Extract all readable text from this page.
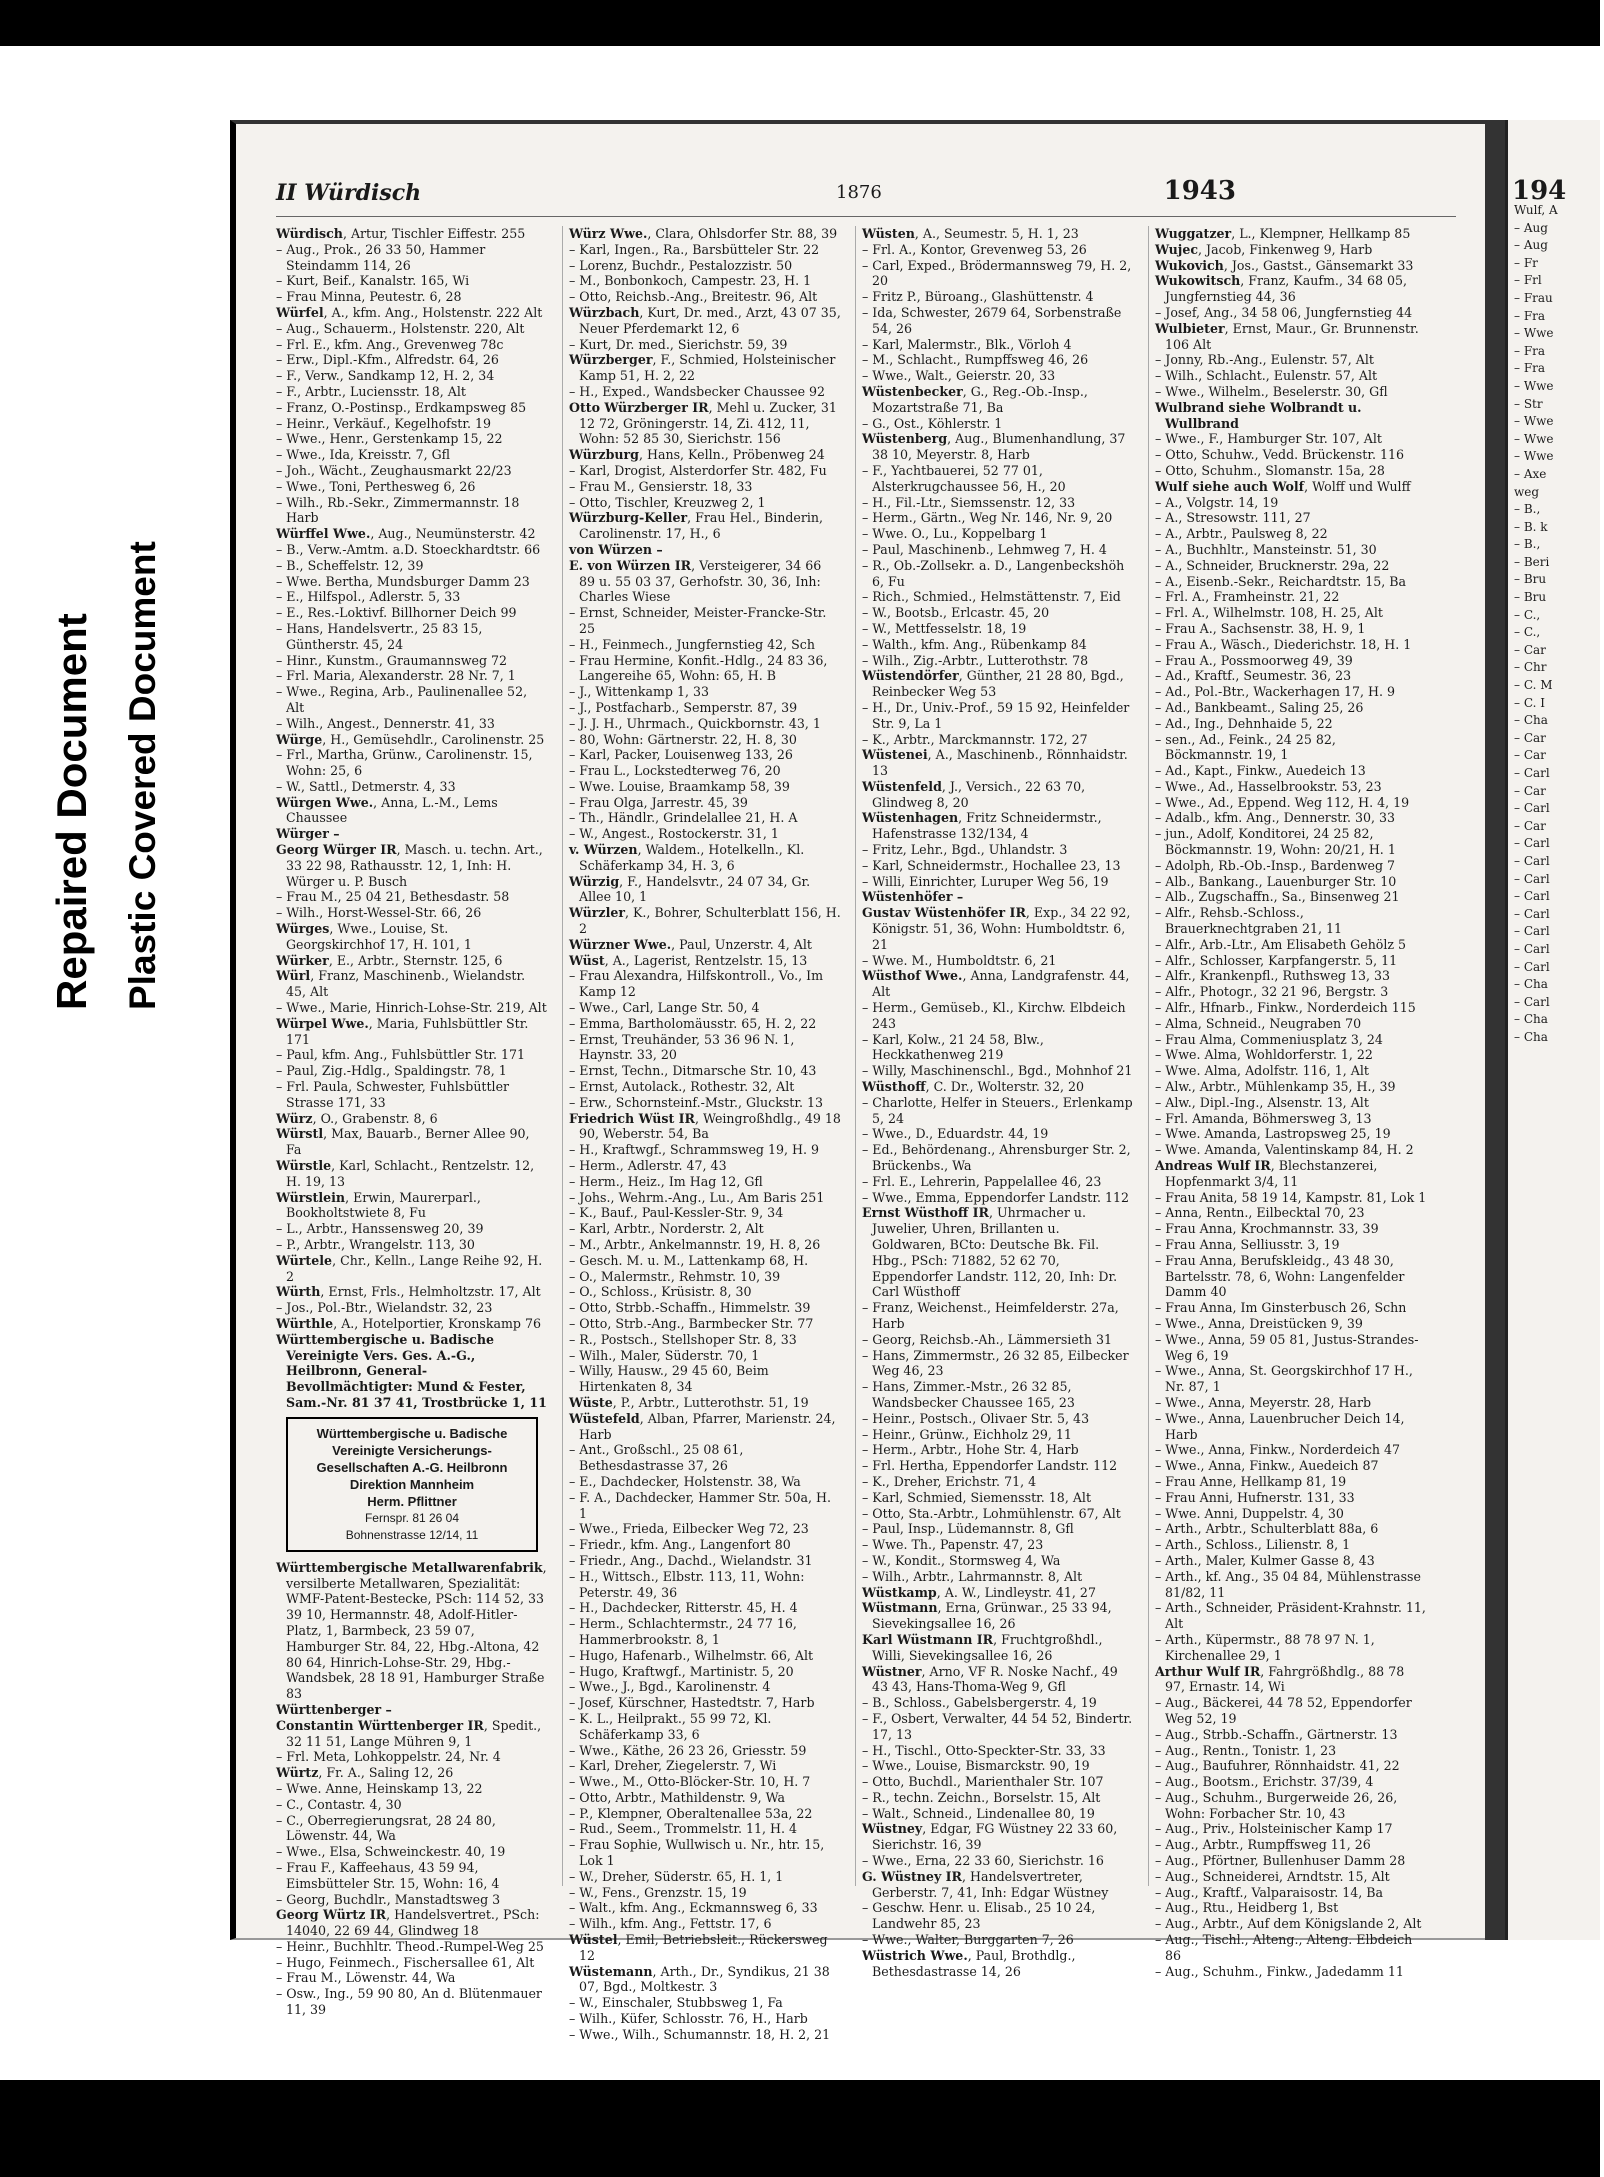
Repaired Document Plastic Covered Document
II Würdisch	1876	1943

Würdisch, Artur, Tischler Eiffestr. 255

– Aug., Prok., 26 33 50, Hammer Steindamm 114, 26

– Kurt, Beif., Kanalstr. 165, Wi

– Frau Minna, Peutestr. 6, 28

Würfel, A., kfm. Ang., Holstenstr. 222 Alt

– Aug., Schauerm., Holstenstr. 220, Alt

– Frl. E., kfm. Ang., Grevenweg 78c

– Erw., Dipl.-Kfm., Alfredstr. 64, 26

– F., Verw., Sandkamp 12, H. 2, 34

– F., Arbtr., Luciensstr. 18, Alt

– Franz, O.-Postinsp., Erdkampsweg 85

– Heinr., Verkäuf., Kegelhofstr. 19

– Wwe., Henr., Gerstenkamp 15, 22

– Wwe., Ida, Kreisstr. 7, Gfl

– Joh., Wächt., Zeughausmarkt 22/23

– Wwe., Toni, Perthesweg 6, 26

– Wilh., Rb.-Sekr., Zimmermannstr. 18 Harb

Würffel Wwe., Aug., Neumünsterstr. 42

– B., Verw.-Amtm. a.D. Stoeckhardtstr. 66

– B., Scheffelstr. 12, 39

– Wwe. Bertha, Mundsburger Damm 23

– E., Hilfspol., Adlerstr. 5, 33

– E., Res.-Loktivf. Billhorner Deich 99

– Hans, Handelsvertr., 25 83 15, Güntherstr. 45, 24

– Hinr., Kunstm., Graumannsweg 72

– Frl. Maria, Alexanderstr. 28 Nr. 7, 1

– Wwe., Regina, Arb., Paulinenallee 52, Alt

– Wilh., Angest., Dennerstr. 41, 33

Würge, H., Gemüsehdlr., Carolinenstr. 25

– Frl., Martha, Grünw., Carolinenstr. 15, Wohn: 25, 6

– W., Sattl., Detmerstr. 4, 33

Würgen Wwe., Anna, L.-M., Lems Chaussee

Würger –

Georg Würger IR, Masch. u. techn. Art., 33 22 98, Rathausstr. 12, 1, Inh: H. Würger u. P. Busch

– Frau M., 25 04 21, Bethesdastr. 58

– Wilh., Horst-Wessel-Str. 66, 26

Würges, Wwe., Louise, St. Georgskirchhof 17, H. 101, 1

Würker, E., Arbtr., Sternstr. 125, 6

Würl, Franz, Maschinenb., Wielandstr. 45, Alt

– Wwe., Marie, Hinrich-Lohse-Str. 219, Alt

Würpel Wwe., Maria, Fuhlsbüttler Str. 171

– Paul, kfm. Ang., Fuhlsbüttler Str. 171

– Paul, Zig.-Hdlg., Spaldingstr. 78, 1

– Frl. Paula, Schwester, Fuhlsbüttler Strasse 171, 33

Würz, O., Grabenstr. 8, 6

Würstl, Max, Bauarb., Berner Allee 90, Fa

Würstle, Karl, Schlacht., Rentzelstr. 12, H. 19, 13

Würstlein, Erwin, Maurerparl., Bookholtstwiete 8, Fu

– L., Arbtr., Hanssensweg 20, 39

– P., Arbtr., Wrangelstr. 113, 30

Würtele, Chr., Kelln., Lange Reihe 92, H. 2

Würth, Ernst, Frls., Helmholtzstr. 17, Alt

– Jos., Pol.-Btr., Wielandstr. 32, 23

Würthle, A., Hotelportier, Kronskamp 76

Württembergische u. Badische Vereinigte Vers. Ges. A.-G., Heilbronn, General-Bevollmächtigter: Mund & Fester, Sam.-Nr. 81 37 41, Trostbrücke 1, 11

Württembergische u. Badische
Vereinigte Versicherungs-
Gesellschaften A.-G. Heilbronn
Direktion Mannheim
Herm. Pflittner
Fernspr. 81 26 04
Bohnenstrasse 12/14, 11

Württembergische Metallwarenfabrik, versilberte Metallwaren, Spezialität: WMF-Patent-Bestecke, PSch: 114 52, 33 39 10, Hermannstr. 48, Adolf-Hitler-Platz, 1, Barmbeck, 23 59 07, Hamburger Str. 84, 22, Hbg.-Altona, 42 80 64, Hinrich-Lohse-Str. 29, Hbg.-Wandsbek, 28 18 91, Hamburger Straße 83

Württenberger –

Constantin Württenberger IR, Spedit., 32 11 51, Lange Mühren 9, 1

– Frl. Meta, Lohkoppelstr. 24, Nr. 4

Würtz, Fr. A., Saling 12, 26

– Wwe. Anne, Heinskamp 13, 22

– C., Contastr. 4, 30

– C., Oberregierungsrat, 28 24 80, Löwenstr. 44, Wa

– Wwe., Elsa, Schweinckestr. 40, 19

– Frau F., Kaffeehaus, 43 59 94, Eimsbütteler Str. 15, Wohn: 16, 4

– Georg, Buchdlr., Manstadtsweg 3

Georg Würtz IR, Handelsvertret., PSch: 14040, 22 69 44, Glindweg 18

– Heinr., Buchhltr. Theod.-Rumpel-Weg 25

– Hugo, Feinmech., Fischersallee 61, Alt

– Frau M., Löwenstr. 44, Wa

– Osw., Ing., 59 90 80, An d. Blütenmauer 11, 39

Würz Wwe., Clara, Ohlsdorfer Str. 88, 39

– Karl, Ingen., Ra., Barsbütteler Str. 22

– Lorenz, Buchdr., Pestalozzistr. 50

– M., Bonbonkoch, Campestr. 23, H. 1

– Otto, Reichsb.-Ang., Breitestr. 96, Alt

Würzbach, Kurt, Dr. med., Arzt, 43 07 35, Neuer Pferdemarkt 12, 6

– Kurt, Dr. med., Sierichstr. 59, 39

Würzberger, F., Schmied, Holsteinischer Kamp 51, H. 2, 22

– H., Exped., Wandsbecker Chaussee 92

Otto Würzberger IR, Mehl u. Zucker, 31 12 72, Gröningerstr. 14, Zi. 412, 11, Wohn: 52 85 30, Sierichstr. 156

Würzburg, Hans, Kelln., Pröbenweg 24

– Karl, Drogist, Alsterdorfer Str. 482, Fu

– Frau M., Gensierstr. 18, 33

– Otto, Tischler, Kreuzweg 2, 1

Würzburg-Keller, Frau Hel., Binderin, Carolinenstr. 17, H., 6

von Würzen –

E. von Würzen IR, Versteigerer, 34 66 89 u. 55 03 37, Gerhofstr. 30, 36, Inh: Charles Wiese

– Ernst, Schneider, Meister-Francke-Str. 25

– H., Feinmech., Jungfernstieg 42, Sch

– Frau Hermine, Konfit.-Hdlg., 24 83 36, Langereihe 65, Wohn: 65, H. B

– J., Wittenkamp 1, 33

– J., Postfacharb., Semperstr. 87, 39

– J. J. H., Uhrmach., Quickbornstr. 43, 1

– 80, Wohn: Gärtnerstr. 22, H. 8, 30

– Karl, Packer, Louisenweg 133, 26

– Frau L., Lockstedterweg 76, 20

– Wwe. Louise, Braamkamp 58, 39

– Frau Olga, Jarrestr. 45, 39

– Th., Händlr., Grindelallee 21, H. A

– W., Angest., Rostockerstr. 31, 1

v. Würzen, Waldem., Hotelkelln., Kl. Schäferkamp 34, H. 3, 6

Würzig, F., Handelsvtr., 24 07 34, Gr. Allee 10, 1

Würzler, K., Bohrer, Schulterblatt 156, H. 2

Würzner Wwe., Paul, Unzerstr. 4, Alt

Wüst, A., Lagerist, Rentzelstr. 15, 13

– Frau Alexandra, Hilfskontroll., Vo., Im Kamp 12

– Wwe., Carl, Lange Str. 50, 4

– Emma, Bartholomäusstr. 65, H. 2, 22

– Ernst, Treuhänder, 53 36 96 N. 1, Haynstr. 33, 20

– Ernst, Techn., Ditmarsche Str. 10, 43

– Ernst, Autolack., Rothestr. 32, Alt

– Erw., Schornsteinf.-Mstr., Gluckstr. 13

Friedrich Wüst IR, Weingroßhdlg., 49 18 90, Weberstr. 54, Ba

– H., Kraftwgf., Schrammsweg 19, H. 9

– Herm., Adlerstr. 47, 43

– Herm., Heiz., Im Hag 12, Gfl

– Johs., Wehrm.-Ang., Lu., Am Baris 251

– K., Bauf., Paul-Kessler-Str. 9, 34

– Karl, Arbtr., Norderstr. 2, Alt

– M., Arbtr., Ankelmannstr. 19, H. 8, 26

– Gesch. M. u. M., Lattenkamp 68, H.

– O., Malermstr., Rehmstr. 10, 39

– O., Schloss., Krüsistr. 8, 30

– Otto, Strbb.-Schaffn., Himmelstr. 39

– Otto, Strb.-Ang., Barmbecker Str. 77

– R., Postsch., Stellshoper Str. 8, 33

– Wilh., Maler, Süderstr. 70, 1

– Willy, Hausw., 29 45 60, Beim Hirtenkaten 8, 34

Wüste, P., Arbtr., Lutterothstr. 51, 19

Wüstefeld, Alban, Pfarrer, Marienstr. 24, Harb

– Ant., Großschl., 25 08 61, Bethesdastrasse 37, 26

– E., Dachdecker, Holstenstr. 38, Wa

– F. A., Dachdecker, Hammer Str. 50a, H. 1

– Wwe., Frieda, Eilbecker Weg 72, 23

– Friedr., kfm. Ang., Langenfort 80

– Friedr., Ang., Dachd., Wielandstr. 31

– H., Wittsch., Elbstr. 113, 11, Wohn: Peterstr. 49, 36

– H., Dachdecker, Ritterstr. 45, H. 4

– Herm., Schlachtermstr., 24 77 16, Hammerbrookstr. 8, 1

– Hugo, Hafenarb., Wilhelmstr. 66, Alt

– Hugo, Kraftwgf., Martinistr. 5, 20

– Wwe., J., Bgd., Karolinenstr. 4

– Josef, Kürschner, Hastedtstr. 7, Harb

– K. L., Heilprakt., 55 99 72, Kl. Schäferkamp 33, 6

– Wwe., Käthe, 26 23 26, Griesstr. 59

– Karl, Dreher, Ziegelerstr. 7, Wi

– Wwe., M., Otto-Blöcker-Str. 10, H. 7

– Otto, Arbtr., Mathildenstr. 9, Wa

– P., Klempner, Oberaltenallee 53a, 22

– Rud., Seem., Trommelstr. 11, H. 4

– Frau Sophie, Wullwisch u. Nr., htr. 15, Lok 1

– W., Dreher, Süderstr. 65, H. 1, 1

– W., Fens., Grenzstr. 15, 19

– Walt., kfm. Ang., Eckmannsweg 6, 33

– Wilh., kfm. Ang., Fettstr. 17, 6

Wüstel, Emil, Betriebsleit., Rückersweg 12

Wüstemann, Arth., Dr., Syndikus, 21 38 07, Bgd., Moltkestr. 3

– W., Einschaler, Stubbsweg 1, Fa

– Wilh., Küfer, Schlosstr. 76, H., Harb

– Wwe., Wilh., Schumannstr. 18, H. 2, 21

Wüsten, A., Seumestr. 5, H. 1, 23

– Frl. A., Kontor, Grevenweg 53, 26

– Carl, Exped., Brödermannsweg 79, H. 2, 20

– Fritz P., Büroang., Glashüttenstr. 4

– Ida, Schwester, 2679 64, Sorbenstraße 54, 26

– Karl, Malermstr., Blk., Vörloh 4

– M., Schlacht., Rumpffsweg 46, 26

– Wwe., Walt., Geierstr. 20, 33

Wüstenbecker, G., Reg.-Ob.-Insp., Mozartstraße 71, Ba

– G., Ost., Köhlerstr. 1

Wüstenberg, Aug., Blumenhandlung, 37 38 10, Meyerstr. 8, Harb

– F., Yachtbauerei, 52 77 01, Alsterkrugchaussee 56, H., 20

– H., Fil.-Ltr., Siemssenstr. 12, 33

– Herm., Gärtn., Weg Nr. 146, Nr. 9, 20

– Wwe. O., Lu., Koppelbarg 1

– Paul, Maschinenb., Lehmweg 7, H. 4

– R., Ob.-Zollsekr. a. D., Langenbeckshöh 6, Fu

– Rich., Schmied., Helmstättenstr. 7, Eid

– W., Bootsb., Erlcastr. 45, 20

– W., Mettfesselstr. 18, 19

– Walth., kfm. Ang., Rübenkamp 84

– Wilh., Zig.-Arbtr., Lutterothstr. 78

Wüstendörfer, Günther, 21 28 80, Bgd., Reinbecker Weg 53

– H., Dr., Univ.-Prof., 59 15 92, Heinfelder Str. 9, La 1

– K., Arbtr., Marckmannstr. 172, 27

Wüstenei, A., Maschinenb., Rönnhaidstr. 13

Wüstenfeld, J., Versich., 22 63 70, Glindweg 8, 20

Wüstenhagen, Fritz Schneidermstr., Hafenstrasse 132/134, 4

– Fritz, Lehr., Bgd., Uhlandstr. 3

– Karl, Schneidermstr., Hochallee 23, 13

– Willi, Einrichter, Luruper Weg 56, 19

Wüstenhöfer –

Gustav Wüstenhöfer IR, Exp., 34 22 92, Königstr. 51, 36, Wohn: Humboldtstr. 6, 21

– Wwe. M., Humboldtstr. 6, 21

Wüsthof Wwe., Anna, Landgrafenstr. 44, Alt

– Herm., Gemüseb., Kl., Kirchw. Elbdeich 243

– Karl, Kolw., 21 24 58, Blw., Heckkathenweg 219

– Willy, Maschinenschl., Bgd., Mohnhof 21

Wüsthoff, C. Dr., Wolterstr. 32, 20

– Charlotte, Helfer in Steuers., Erlenkamp 5, 24

– Wwe., D., Eduardstr. 44, 19

– Ed., Behördenang., Ahrensburger Str. 2, Brückenbs., Wa

– Frl. E., Lehrerin, Pappelallee 46, 23

– Wwe., Emma, Eppendorfer Landstr. 112

Ernst Wüsthoff IR, Uhrmacher u. Juwelier, Uhren, Brillanten u. Goldwaren, BCto: Deutsche Bk. Fil. Hbg., PSch: 71882, 52 62 70, Eppendorfer Landstr. 112, 20, Inh: Dr. Carl Wüsthoff

– Franz, Weichenst., Heimfelderstr. 27a, Harb

– Georg, Reichsb.-Ah., Lämmersieth 31

– Hans, Zimmermstr., 26 32 85, Eilbecker Weg 46, 23

– Hans, Zimmer.-Mstr., 26 32 85, Wandsbecker Chaussee 165, 23

– Heinr., Postsch., Olivaer Str. 5, 43

– Heinr., Grünw., Eichholz 29, 11

– Herm., Arbtr., Hohe Str. 4, Harb

– Frl. Hertha, Eppendorfer Landstr. 112

– K., Dreher, Erichstr. 71, 4

– Karl, Schmied, Siemensstr. 18, Alt

– Otto, Sta.-Arbtr., Lohmühlenstr. 67, Alt

– Paul, Insp., Lüdemannstr. 8, Gfl

– Wwe. Th., Papenstr. 47, 23

– W., Kondit., Stormsweg 4, Wa

– Wilh., Arbtr., Lahrmannstr. 8, Alt

Wüstkamp, A. W., Lindleystr. 41, 27

Wüstmann, Erna, Grünwar., 25 33 94, Sievekingsallee 16, 26

Karl Wüstmann IR, Fruchtgroßhdl., Willi, Sievekingsallee 16, 26

Wüstner, Arno, VF R. Noske Nachf., 49 43 43, Hans-Thoma-Weg 9, Gfl

– B., Schloss., Gabelsbergerstr. 4, 19

– F., Osbert, Verwalter, 44 54 52, Bindertr. 17, 13

– H., Tischl., Otto-Speckter-Str. 33, 33

– Wwe., Louise, Bismarckstr. 90, 19

– Otto, Buchdl., Marienthaler Str. 107

– R., techn. Zeichn., Borselstr. 15, Alt

– Walt., Schneid., Lindenallee 80, 19

Wüstney, Edgar, FG Wüstney 22 33 60, Sierichstr. 16, 39

– Wwe., Erna, 22 33 60, Sierichstr. 16

G. Wüstney IR, Handelsvertreter, Gerberstr. 7, 41, Inh: Edgar Wüstney

– Geschw. Henr. u. Elisab., 25 10 24, Landwehr 85, 23

– Wwe., Walter, Burggarten 7, 26

Wüstrich Wwe., Paul, Brothdlg., Bethesdastrasse 14, 26

Wuggatzer, L., Klempner, Hellkamp 85

Wujec, Jacob, Finkenweg 9, Harb

Wukovich, Jos., Gastst., Gänsemarkt 33

Wukowitsch, Franz, Kaufm., 34 68 05, Jungfernstieg 44, 36

– Josef, Ang., 34 58 06, Jungfernstieg 44

Wulbieter, Ernst, Maur., Gr. Brunnenstr. 106 Alt

– Jonny, Rb.-Ang., Eulenstr. 57, Alt

– Wilh., Schlacht., Eulenstr. 57, Alt

– Wwe., Wilhelm., Beselerstr. 30, Gfl

Wulbrand siehe Wolbrandt u. Wullbrand

– Wwe., F., Hamburger Str. 107, Alt

– Otto, Schuhw., Vedd. Brückenstr. 116

– Otto, Schuhm., Slomanstr. 15a, 28

Wulf siehe auch Wolf, Wolff und Wulff

– A., Volgstr. 14, 19

– A., Stresowstr. 111, 27

– A., Arbtr., Paulsweg 8, 22

– A., Buchhltr., Mansteinstr. 51, 30

– A., Schneider, Brucknerstr. 29a, 22

– A., Eisenb.-Sekr., Reichardtstr. 15, Ba

– Frl. A., Framheinstr. 21, 22

– Frl. A., Wilhelmstr. 108, H. 25, Alt

– Frau A., Sachsenstr. 38, H. 9, 1

– Frau A., Wäsch., Diederichstr. 18, H. 1

– Frau A., Possmoorweg 49, 39

– Ad., Kraftf., Seumestr. 36, 23

– Ad., Pol.-Btr., Wackerhagen 17, H. 9

– Ad., Bankbeamt., Saling 25, 26

– Ad., Ing., Dehnhaide 5, 22

– sen., Ad., Feink., 24 25 82, Böckmannstr. 19, 1

– Ad., Kapt., Finkw., Auedeich 13

– Wwe., Ad., Hasselbrookstr. 53, 23

– Wwe., Ad., Eppend. Weg 112, H. 4, 19

– Adalb., kfm. Ang., Dennerstr. 30, 33

– jun., Adolf, Konditorei, 24 25 82, Böckmannstr. 19, Wohn: 20/21, H. 1

– Adolph, Rb.-Ob.-Insp., Bardenweg 7

– Alb., Bankang., Lauenburger Str. 10

– Alb., Zugschaffn., Sa., Binsenweg 21

– Alfr., Rehsb.-Schloss., Brauerknechtgraben 21, 11

– Alfr., Arb.-Ltr., Am Elisabeth Gehölz 5

– Alfr., Schlosser, Karpfangerstr. 5, 11

– Alfr., Krankenpfl., Ruthsweg 13, 33

– Alfr., Photogr., 32 21 96, Bergstr. 3

– Alfr., Hfnarb., Finkw., Norderdeich 115

– Alma, Schneid., Neugraben 70

– Frau Alma, Commeniusplatz 3, 24

– Wwe. Alma, Wohldorferstr. 1, 22

– Wwe. Alma, Adolfstr. 116, 1, Alt

– Alw., Arbtr., Mühlenkamp 35, H., 39

– Alw., Dipl.-Ing., Alsenstr. 13, Alt

– Frl. Amanda, Böhmersweg 3, 13

– Wwe. Amanda, Lastropsweg 25, 19

– Wwe. Amanda, Valentinskamp 84, H. 2

Andreas Wulf IR, Blechstanzerei, Hopfenmarkt 3/4, 11

– Frau Anita, 58 19 14, Kampstr. 81, Lok 1

– Anna, Rentn., Eilbecktal 70, 23

– Frau Anna, Krochmannstr. 33, 39

– Frau Anna, Selliusstr. 3, 19

– Frau Anna, Berufskleidg., 43 48 30, Bartelsstr. 78, 6, Wohn: Langenfelder Damm 40

– Frau Anna, Im Ginsterbusch 26, Schn

– Wwe., Anna, Dreistücken 9, 39

– Wwe., Anna, 59 05 81, Justus-Strandes-Weg 6, 19

– Wwe., Anna, St. Georgskirchhof 17 H., Nr. 87, 1

– Wwe., Anna, Meyerstr. 28, Harb

– Wwe., Anna, Lauenbrucher Deich 14, Harb

– Wwe., Anna, Finkw., Norderdeich 47

– Wwe., Anna, Finkw., Auedeich 87

– Frau Anne, Hellkamp 81, 19

– Frau Anni, Hufnerstr. 131, 33

– Wwe. Anni, Duppelstr. 4, 30

– Arth., Arbtr., Schulterblatt 88a, 6

– Arth., Schloss., Lilienstr. 8, 1

– Arth., Maler, Kulmer Gasse 8, 43

– Arth., kf. Ang., 35 04 84, Mühlenstrasse 81/82, 11

– Arth., Schneider, Präsident-Krahnstr. 11, Alt

– Arth., Küpermstr., 88 78 97 N. 1, Kirchenallee 29, 1

Arthur Wulf IR, Fahrgrößhdlg., 88 78 97, Ernastr. 14, Wi

– Aug., Bäckerei, 44 78 52, Eppendorfer Weg 52, 19

– Aug., Strbb.-Schaffn., Gärtnerstr. 13

– Aug., Rentn., Tonistr. 1, 23

– Aug., Baufuhrer, Rönnhaidstr. 41, 22

– Aug., Bootsm., Erichstr. 37/39, 4

– Aug., Schuhm., Burgerweide 26, 26, Wohn: Forbacher Str. 10, 43

– Aug., Priv., Holsteinischer Kamp 17

– Aug., Arbtr., Rumpffsweg 11, 26

– Aug., Pförtner, Bullenhuser Damm 28

– Aug., Schneiderei, Arndtstr. 15, Alt

– Aug., Kraftf., Valparaisostr. 14, Ba

– Aug., Rtu., Heidberg 1, Bst

– Aug., Arbtr., Auf dem Königslande 2, Alt

– Aug., Tischl., Alteng., Alteng. Elbdeich 86

– Aug., Schuhm., Finkw., Jadedamm 11

194
Wulf, A
– Aug
– Aug
– Fr
– Frl
– Frau
– Fra
– Wwe
– Fra
– Fra
– Wwe
– Str
– Wwe
– Wwe
– Wwe
– Axe
weg
– B.,
– B. k
– B.,
– Beri
– Bru
– Bru
– C.,
– C.,
– Car
– Chr
– C. M
– C. I
– Cha
– Car
– Car
– Carl
– Car
– Carl
– Car
– Carl
– Carl
– Carl
– Carl
– Carl
– Carl
– Carl
– Carl
– Cha
– Carl
– Cha
– Cha
